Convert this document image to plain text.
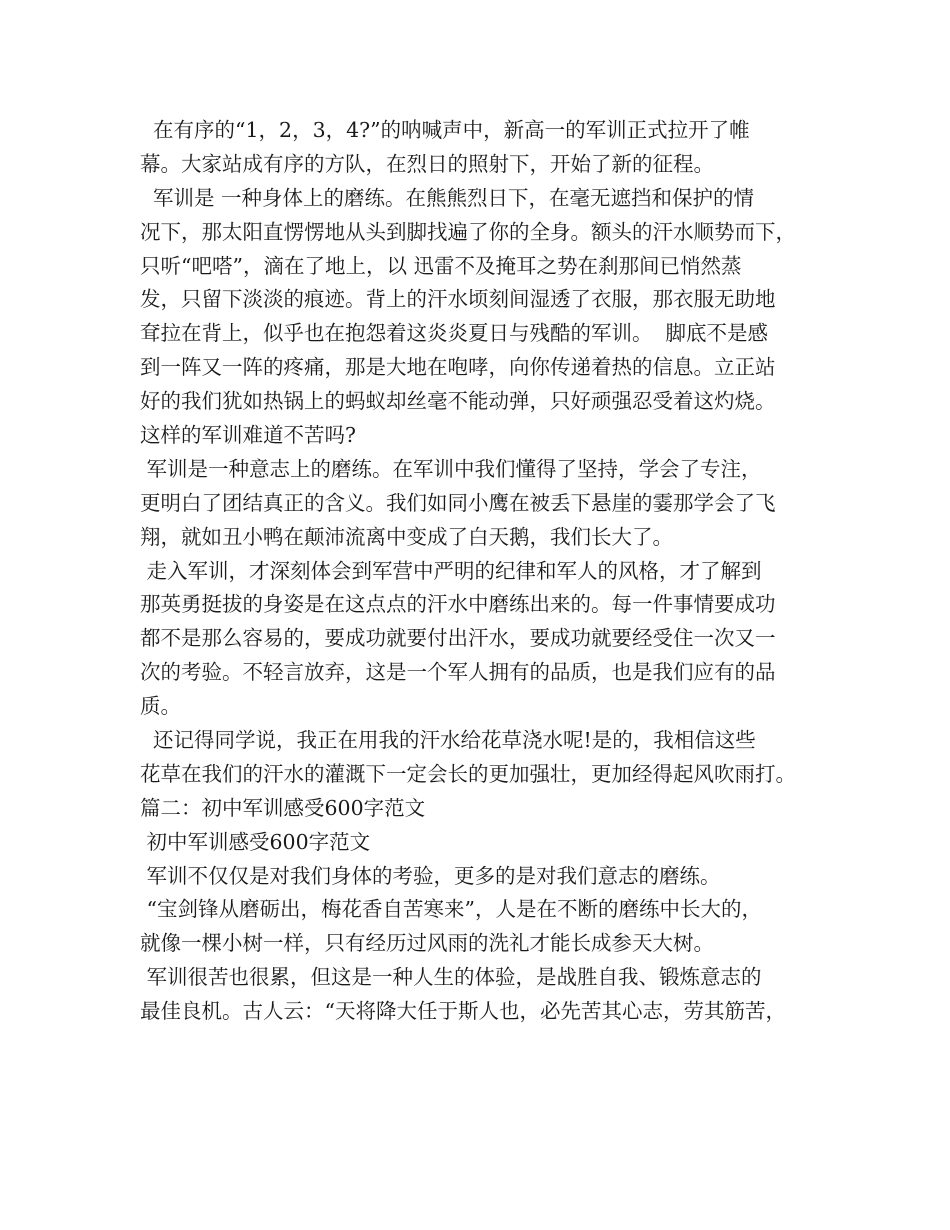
在有序的“1，2，3，4?”的呐喊声中，新高一的军训正式拉开了帷
幕。大家站成有序的方队，在烈日的照射下，开始了新的征程。
军训是 一种身体上的磨练。在熊熊烈日下，在毫无遮挡和保护的情
况下，那太阳直愣愣地从头到脚找遍了你的全身。额头的汗水顺势而下，
只听“吧嗒”，滴在了地上，以 迅雷不及掩耳之势在刹那间已悄然蒸
发，只留下淡淡的痕迹。背上的汗水顷刻间湿透了衣服，那衣服无助地
耷拉在背上，似乎也在抱怨着这炎炎夏日与残酷的军训。  脚底不是感
到一阵又一阵的疼痛，那是大地在咆哮，向你传递着热的信息。立正站
好的我们犹如热锅上的蚂蚁却丝毫不能动弹，只好顽强忍受着这灼烧。
这样的军训难道不苦吗?
军训是一种意志上的磨练。在军训中我们懂得了坚持，学会了专注，
更明白了团结真正的含义。我们如同小鹰在被丢下悬崖的霎那学会了飞
翔，就如丑小鸭在颠沛流离中变成了白天鹅，我们长大了。
走入军训，才深刻体会到军营中严明的纪律和军人的风格，才了解到
那英勇挺拔的身姿是在这点点的汗水中磨练出来的。每一件事情要成功
都不是那么容易的，要成功就要付出汗水，要成功就要经受住一次又一
次的考验。不轻言放弃，这是一个军人拥有的品质，也是我们应有的品
质。
还记得同学说，我正在用我的汗水给花草浇水呢!是的，我相信这些
花草在我们的汗水的灌溉下一定会长的更加强壮，更加经得起风吹雨打。
篇二：初中军训感受600字范文
初中军训感受600字范文
军训不仅仅是对我们身体的考验，更多的是对我们意志的磨练。
“宝剑锋从磨砺出，梅花香自苦寒来”，人是在不断的磨练中长大的，
就像一棵小树一样，只有经历过风雨的洗礼才能长成参天大树。
军训很苦也很累，但这是一种人生的体验，是战胜自我、锻炼意志的
最佳良机。古人云：“天将降大任于斯人也，必先苦其心志，劳其筋苦，
